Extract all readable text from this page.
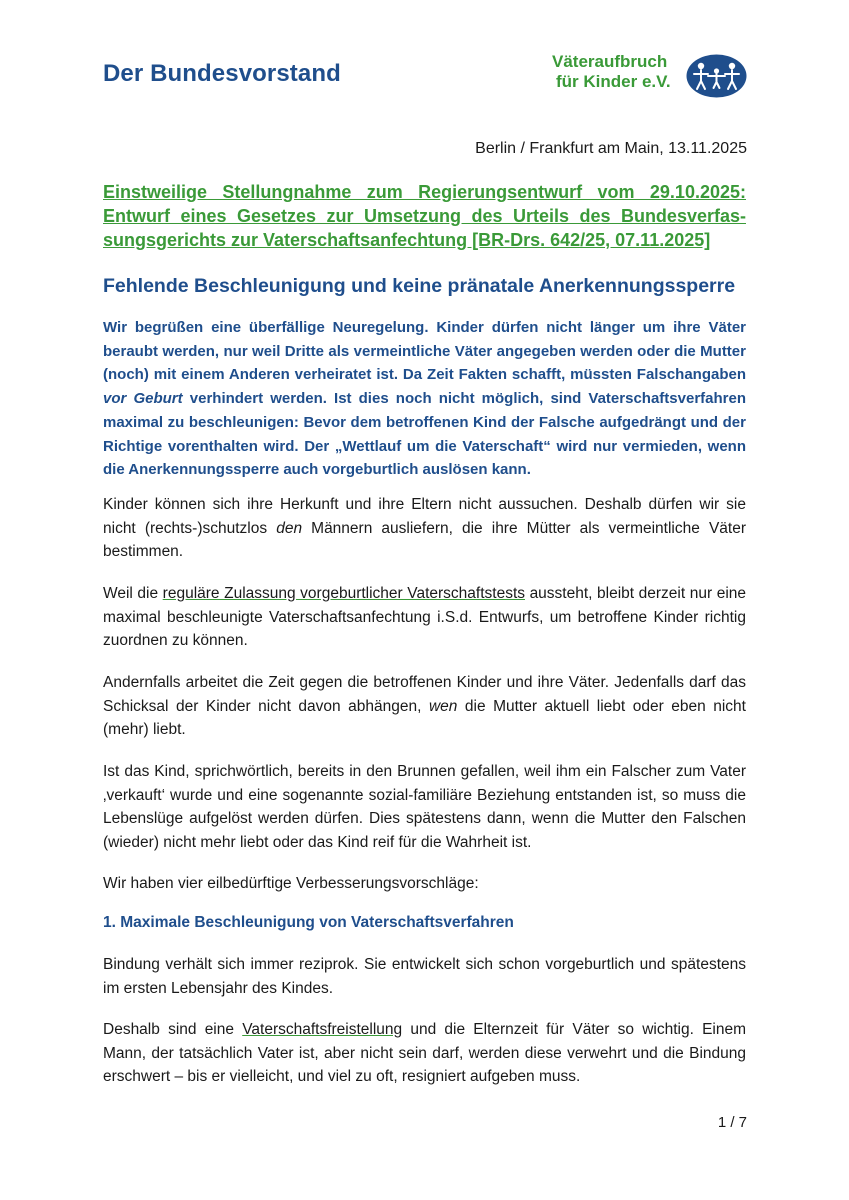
Der Bundesvorstand	Väteraufbruch
für Kinder e.V.
Berlin / Frankfurt am Main, 13.11.2025

Einstweilige Stellungnahme zum Regierungsentwurf vom 29.10.2025: Entwurf eines Gesetzes zur Umsetzung des Urteils des Bundesverfassungsgerichts zur Vaterschaftsanfechtung [BR-Drs. 642/25, 07.11.2025]

Fehlende Beschleunigung und keine pränatale Anerkennungssperre

Wir begrüßen eine überfällige Neuregelung. Kinder dürfen nicht länger um ihre Väter beraubt werden, nur weil Dritte als vermeintliche Väter angegeben werden oder die Mutter (noch) mit einem Anderen verheiratet ist. Da Zeit Fakten schafft, müssten Falschangaben vor Geburt verhindert werden. Ist dies noch nicht möglich, sind Vaterschaftsverfahren maximal zu beschleunigen: Bevor dem betroffenen Kind der Falsche aufgedrängt und der Richtige vorenthalten wird. Der „Wettlauf um die Vaterschaft“ wird nur vermieden, wenn die Anerkennungssperre auch vorgeburtlich auslösen kann.

Kinder können sich ihre Herkunft und ihre Eltern nicht aussuchen. Deshalb dürfen wir sie nicht (rechts-)schutzlos den Männern ausliefern, die ihre Mütter als vermeintliche Väter bestimmen.

Weil die reguläre Zulassung vorgeburtlicher Vaterschaftstests aussteht, bleibt derzeit nur eine maximal beschleunigte Vaterschaftsanfechtung i.S.d. Entwurfs, um betroffene Kinder richtig zuordnen zu können.

Andernfalls arbeitet die Zeit gegen die betroffenen Kinder und ihre Väter. Jedenfalls darf das Schicksal der Kinder nicht davon abhängen, wen die Mutter aktuell liebt oder eben nicht (mehr) liebt.

Ist das Kind, sprichwörtlich, bereits in den Brunnen gefallen, weil ihm ein Falscher zum Vater ‚verkauft‘ wurde und eine sogenannte sozial-familiäre Beziehung entstanden ist, so muss die Lebenslüge aufgelöst werden dürfen. Dies spätestens dann, wenn die Mutter den Falschen (wieder) nicht mehr liebt oder das Kind reif für die Wahrheit ist.

Wir haben vier eilbedürftige Verbesserungsvorschläge:

1. Maximale Beschleunigung von Vaterschaftsverfahren

Bindung verhält sich immer reziprok. Sie entwickelt sich schon vorgeburtlich und spätestens im ersten Lebensjahr des Kindes.

Deshalb sind eine Vaterschaftsfreistellung und die Elternzeit für Väter so wichtig. Einem Mann, der tatsächlich Vater ist, aber nicht sein darf, werden diese verwehrt und die Bindung erschwert – bis er vielleicht, und viel zu oft, resigniert aufgeben muss.

1 / 7
